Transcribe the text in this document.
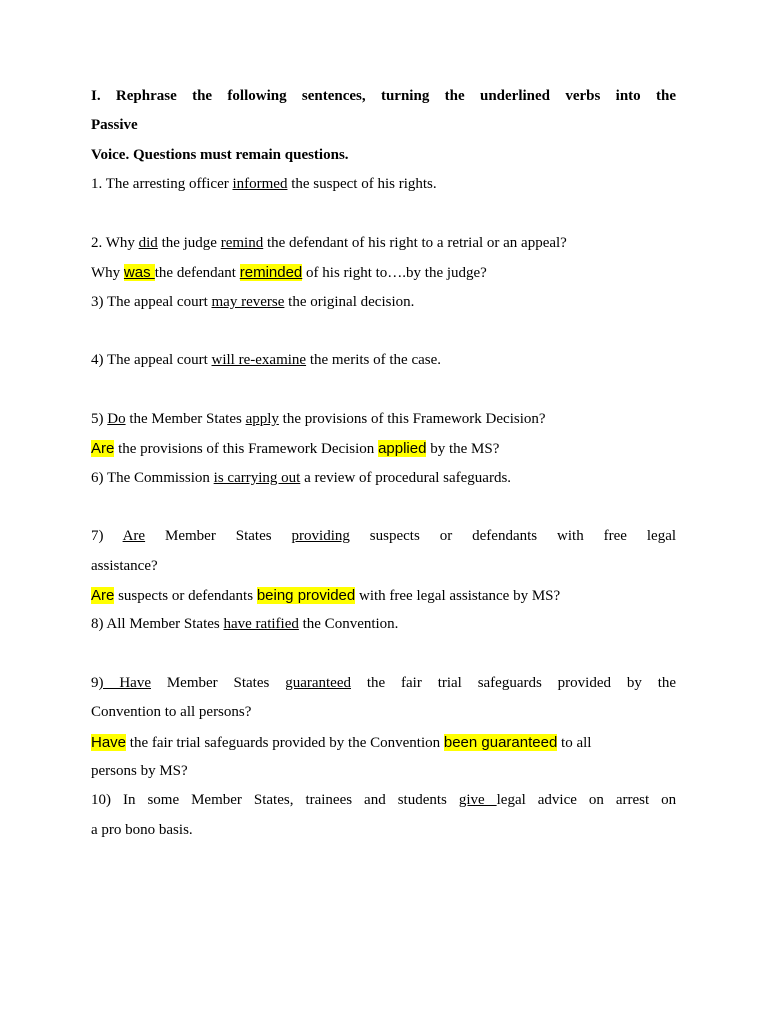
I. Rephrase the following sentences, turning the underlined verbs into the
Passive
Voice. Questions must remain questions.
1. The arresting officer informed the suspect of his rights.
2. Why did the judge remind the defendant of his right to a retrial or an appeal?
Why was the defendant reminded of his right to….by the judge?
3) The appeal court may reverse the original decision.
4) The appeal court will re-examine the merits of the case.
5) Do the Member States apply the provisions of this Framework Decision?
Are the provisions of this Framework Decision applied by the MS?
6) The Commission is carrying out a review of procedural safeguards.
7) Are Member States providing suspects or defendants with free legal
assistance?
Are suspects or defendants being provided with free legal assistance by MS?
8) All Member States have ratified the Convention.
9) Have Member States guaranteed the fair trial safeguards provided by the
Convention to all persons?
Have the fair trial safeguards provided by the Convention been guaranteed to all
persons by MS?
10) In some Member States, trainees and students give legal advice on arrest on
a pro bono basis.
